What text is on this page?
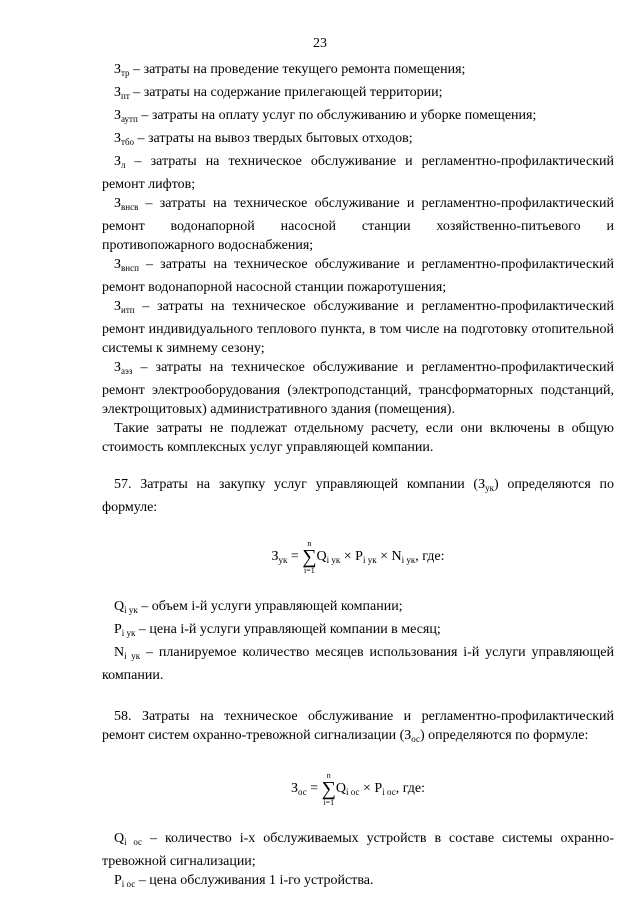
23

$З_{тр}$ – затраты на проведение текущего ремонта помещения;

$З_{пт}$ – затраты на содержание прилегающей территории;

$З_{аутп}$ – затраты на оплату услуг по обслуживанию и уборке помещения;

$З_{тбо}$ – затраты на вывоз твердых бытовых отходов;

$З_л$ – затраты на техническое обслуживание и регламентно-профилактический ремонт лифтов;

$З_{внсв}$ – затраты на техническое обслуживание и регламентно-профилактический ремонт водонапорной насосной станции хозяйственно-питьевого и противопожарного водоснабжения;

$З_{внсп}$ – затраты на техническое обслуживание и регламентно-профилактический ремонт водонапорной насосной станции пожаротушения;

$З_{итп}$ – затраты на техническое обслуживание и регламентно-профилактический ремонт индивидуального теплового пункта, в том числе на подготовку отопительной системы к зимнему сезону;

$З_{аэз}$ – затраты на техническое обслуживание и регламентно-профилактический ремонт электрооборудования (электроподстанций, трансформаторных подстанций, электрощитовых) административного здания (помещения).

Такие затраты не подлежат отдельному расчету, если они включены в общую стоимость комплексных услуг управляющей компании.

57. Затраты на закупку услуг управляющей компании $(З_{ук})$ определяются по формуле:

$З_{ук}$ =
n
∑
i=1
$Q_{i ук} \times P_{i ук} \times N_{i ук}$, где:

$Q_{i ук}$ – объем i-й услуги управляющей компании;

$P_{i ук}$ – цена i-й услуги управляющей компании в месяц;

$N_{i ук}$ – планируемое количество месяцев использования i-й услуги управляющей компании.

58. Затраты на техническое обслуживание и регламентно-профилактический ремонт систем охранно-тревожной сигнализации $(З_{ос})$ определяются по формуле:

$З_{ос}$ =
n
∑
i=1
$Q_{i ос} \times P_{i ос}$, где:

$Q_{i ос}$ – количество i-х обслуживаемых устройств в составе системы охранно-тревожной сигнализации;

$P_{i ос}$ – цена обслуживания 1 i-го устройства.
